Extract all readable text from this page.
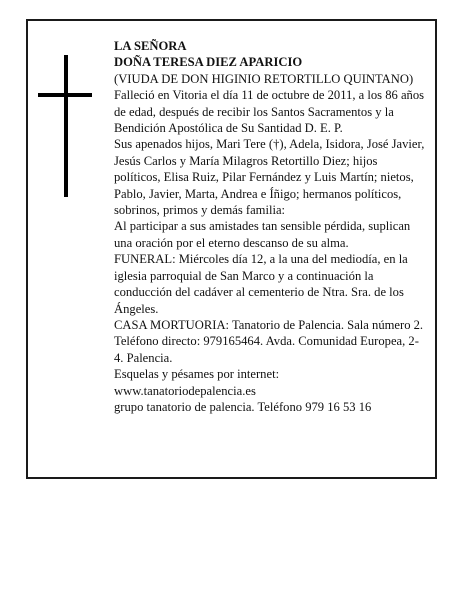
LA SEÑORA

DOÑA TERESA DIEZ APARICIO

(VIUDA DE DON HIGINIO RETORTILLO QUINTANO)

Falleció en Vitoria el día 11 de octubre de 2011, a los 86 años de edad, después de recibir los Santos Sacramentos y la Bendición Apostólica de Su Santidad D. E. P.

Sus apenados hijos, Mari Tere (†), Adela, Isidora, José Javier, Jesús Carlos y María Milagros Retortillo Diez; hijos políticos, Elisa Ruiz, Pilar Fernández y Luis Martín; nietos, Pablo, Javier, Marta, Andrea e Íñigo; hermanos políticos, sobrinos, primos y demás familia:

Al participar a sus amistades tan sensible pérdida, suplican una oración por el eterno descanso de su alma.

FUNERAL: Miércoles día 12, a la una del mediodía, en la iglesia parroquial de San Marco y a continuación la conducción del cadáver al cementerio de Ntra. Sra. de los Ángeles.

CASA MORTUORIA: Tanatorio de Palencia. Sala número 2. Teléfono directo: 979165464. Avda. Comunidad Europea, 2-4. Palencia.

Esquelas y pésames por internet:

www.tanatoriodepalencia.es

grupo tanatorio de palencia. Teléfono 979 16 53 16
